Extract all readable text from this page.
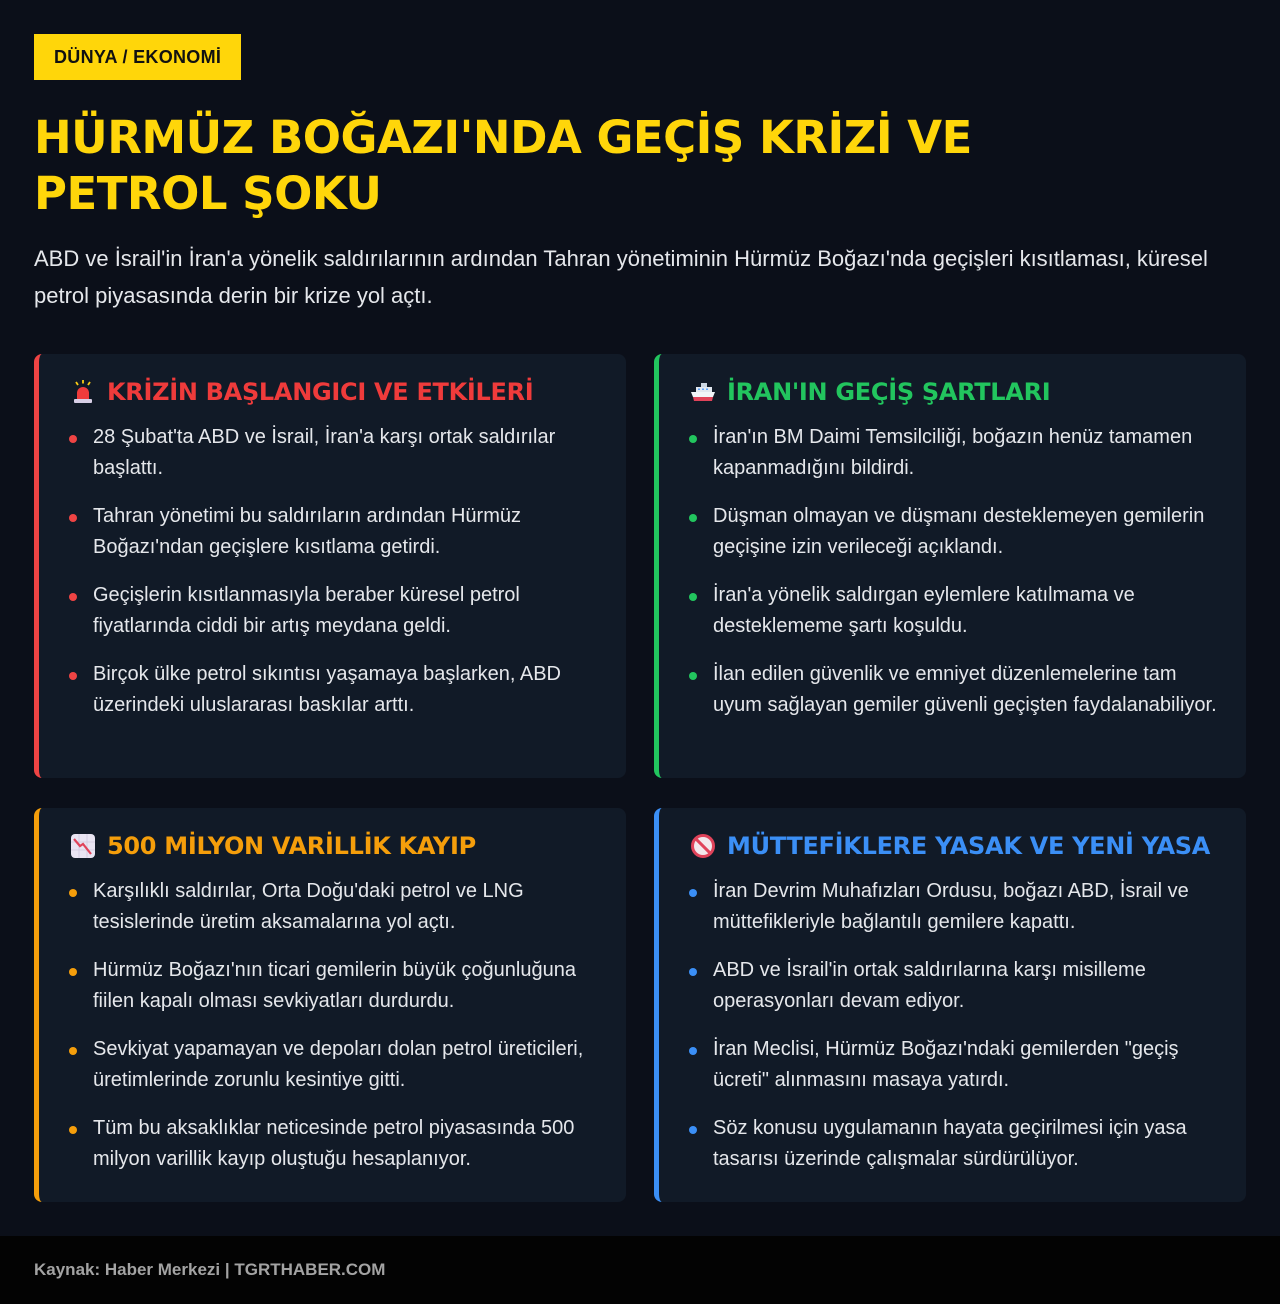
DÜNYA / EKONOMİ
HÜRMÜZ BOĞAZI'NDA GEÇİŞ KRİZİ VE PETROL ŞOKU
ABD ve İsrail'in İran'a yönelik saldırılarının ardından Tahran yönetiminin Hürmüz Boğazı'nda geçişleri kısıtlaması, küresel petrol piyasasında derin bir krize yol açtı.
KRİZİN BAŞLANGICI VE ETKİLERİ
28 Şubat'ta ABD ve İsrail, İran'a karşı ortak saldırılar başlattı.
Tahran yönetimi bu saldırıların ardından Hürmüz Boğazı'ndan geçişlere kısıtlama getirdi.
Geçişlerin kısıtlanmasıyla beraber küresel petrol fiyatlarında ciddi bir artış meydana geldi.
Birçok ülke petrol sıkıntısı yaşamaya başlarken, ABD üzerindeki uluslararası baskılar arttı.
İRAN'IN GEÇİŞ ŞARTLARI
İran'ın BM Daimi Temsilciliği, boğazın henüz tamamen kapanmadığını bildirdi.
Düşman olmayan ve düşmanı desteklemeyen gemilerin geçişine izin verileceği açıklandı.
İran'a yönelik saldırgan eylemlere katılmama ve desteklememe şartı koşuldu.
İlan edilen güvenlik ve emniyet düzenlemelerine tam uyum sağlayan gemiler güvenli geçişten faydalanabiliyor.
500 MİLYON VARİLLİK KAYIP
Karşılıklı saldırılar, Orta Doğu'daki petrol ve LNG tesislerinde üretim aksamalarına yol açtı.
Hürmüz Boğazı'nın ticari gemilerin büyük çoğunluğuna fiilen kapalı olması sevkiyatları durdurdu.
Sevkiyat yapamayan ve depoları dolan petrol üreticileri, üretimlerinde zorunlu kesintiye gitti.
Tüm bu aksaklıklar neticesinde petrol piyasasında 500 milyon varillik kayıp oluştuğu hesaplanıyor.
MÜTTEFİKLERE YASAK VE YENİ YASA
İran Devrim Muhafızları Ordusu, boğazı ABD, İsrail ve müttefikleriyle bağlantılı gemilere kapattı.
ABD ve İsrail'in ortak saldırılarına karşı misilleme operasyonları devam ediyor.
İran Meclisi, Hürmüz Boğazı'ndaki gemilerden "geçiş ücreti" alınmasını masaya yatırdı.
Söz konusu uygulamanın hayata geçirilmesi için yasa tasarısı üzerinde çalışmalar sürdürülüyor.
Kaynak: Haber Merkezi | TGRTHABER.COM
